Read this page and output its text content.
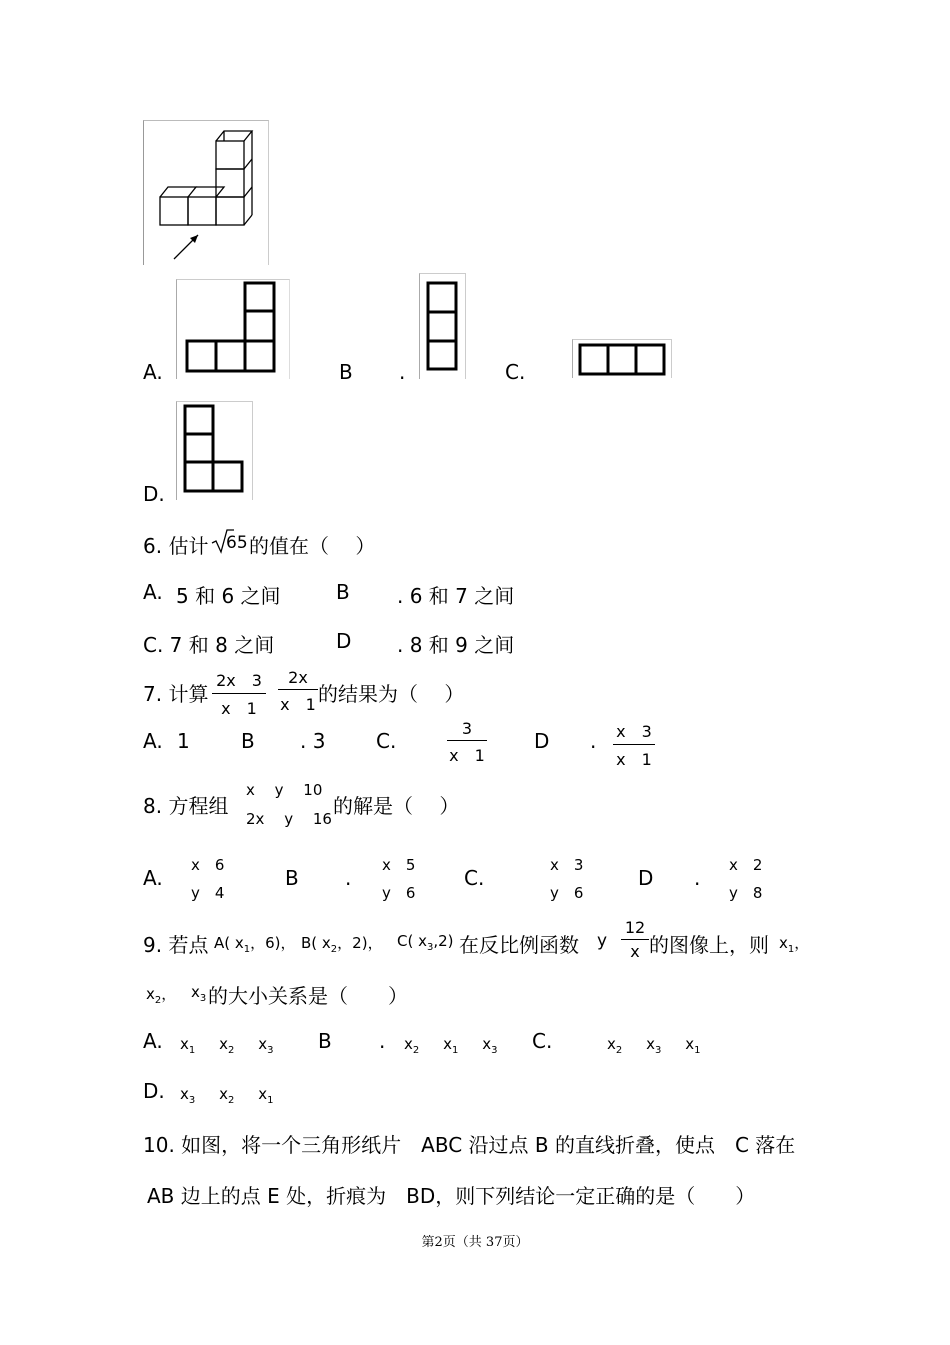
A.	B .	C.
D.
6. 估计 65 的值在（　 ）
A. 5 和 6 之间	B . 6 和 7 之间
C. 7 和 8 之间	D . 8 和 9 之间
7. 计算
2x　3
x　1
2x
x　1 的结果为（　 ）
A. 1	B . 3	C.
3
x　1
D . x　3
x　1
8. 方程组
x　 y　 10
2x　 y　 16
的解是（　 ）
A.
x　6
y　4
B .
x　5
y　6
C.
x　3
y　6
D .
x　2
y　8
9. 若点 A( $x_1$，6)， B( $x_2$，2)， C( $x_3,2$) 在反比例函数 y
12
x 的图像上，则 $x_1$，
$x_2$， $x_3$ 的大小关系是（　　）
A. $x_1$ $x_2$ $x_3$ B . $x_2$ $x_1$ $x_3$ C.	$x_2$ $x_3$ $x_1$
D. $x_3$ $x_2$ $x_1$
10. 如图，将一个三角形纸片　ABC 沿过点 B 的直线折叠，使点　C 落在
AB 边上的点 E 处，折痕为　BD，则下列结论一定正确的是（　　）
第2页（共 37页）
